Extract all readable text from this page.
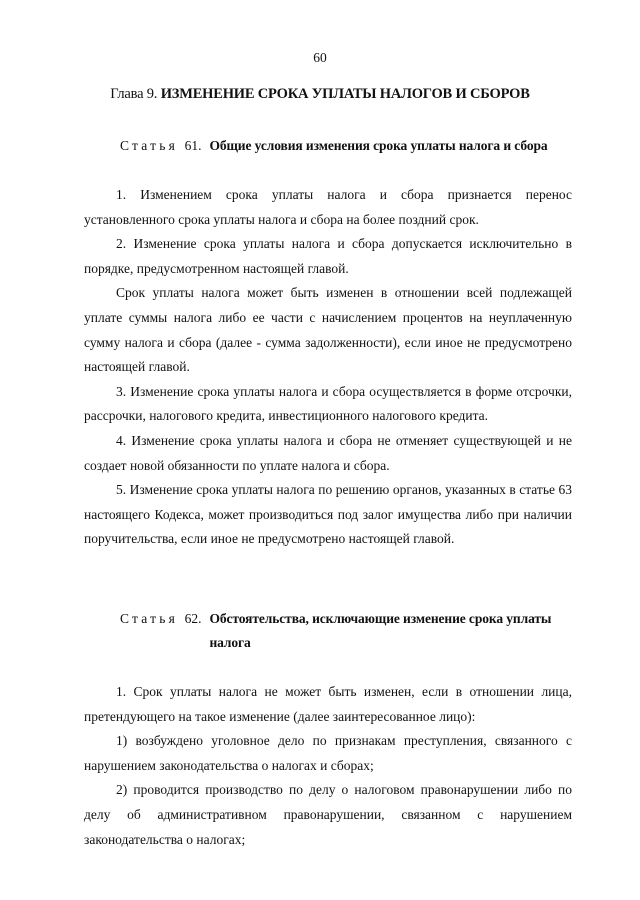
60
Глава 9. ИЗМЕНЕНИЕ СРОКА УПЛАТЫ НАЛОГОВ И СБОРОВ
Статья 61. Общие условия изменения срока уплаты налога и сбора

1. Изменением срока уплаты налога и сбора признается перенос установленного срока уплаты налога и сбора на более поздний срок.

2. Изменение срока уплаты налога и сбора допускается исключительно в порядке, предусмотренном настоящей главой.

Срок уплаты налога может быть изменен в отношении всей подлежащей уплате суммы налога либо ее части с начислением процентов на неуплаченную сумму налога и сбора (далее - сумма задолженности), если иное не предусмотрено настоящей главой.

3. Изменение срока уплаты налога и сбора осуществляется в форме отсрочки, рассрочки, налогового кредита, инвестиционного налогового кредита.

4. Изменение срока уплаты налога и сбора не отменяет существующей и не создает новой обязанности по уплате налога и сбора.

5. Изменение срока уплаты налога по решению органов, указанных в статье 63 настоящего Кодекса, может производиться под залог имущества либо при наличии поручительства, если иное не предусмотрено настоящей главой.

Статья 62. Обстоятельства, исключающие изменение срока уплаты налога

1. Срок уплаты налога не может быть изменен, если в отношении лица, претендующего на такое изменение (далее заинтересованное лицо):

1) возбуждено уголовное дело по признакам преступления, связанного с нарушением законодательства о налогах и сборах;

2) проводится производство по делу о налоговом правонарушении либо по делу об административном правонарушении, связанном с нарушением законодательства о налогах;
